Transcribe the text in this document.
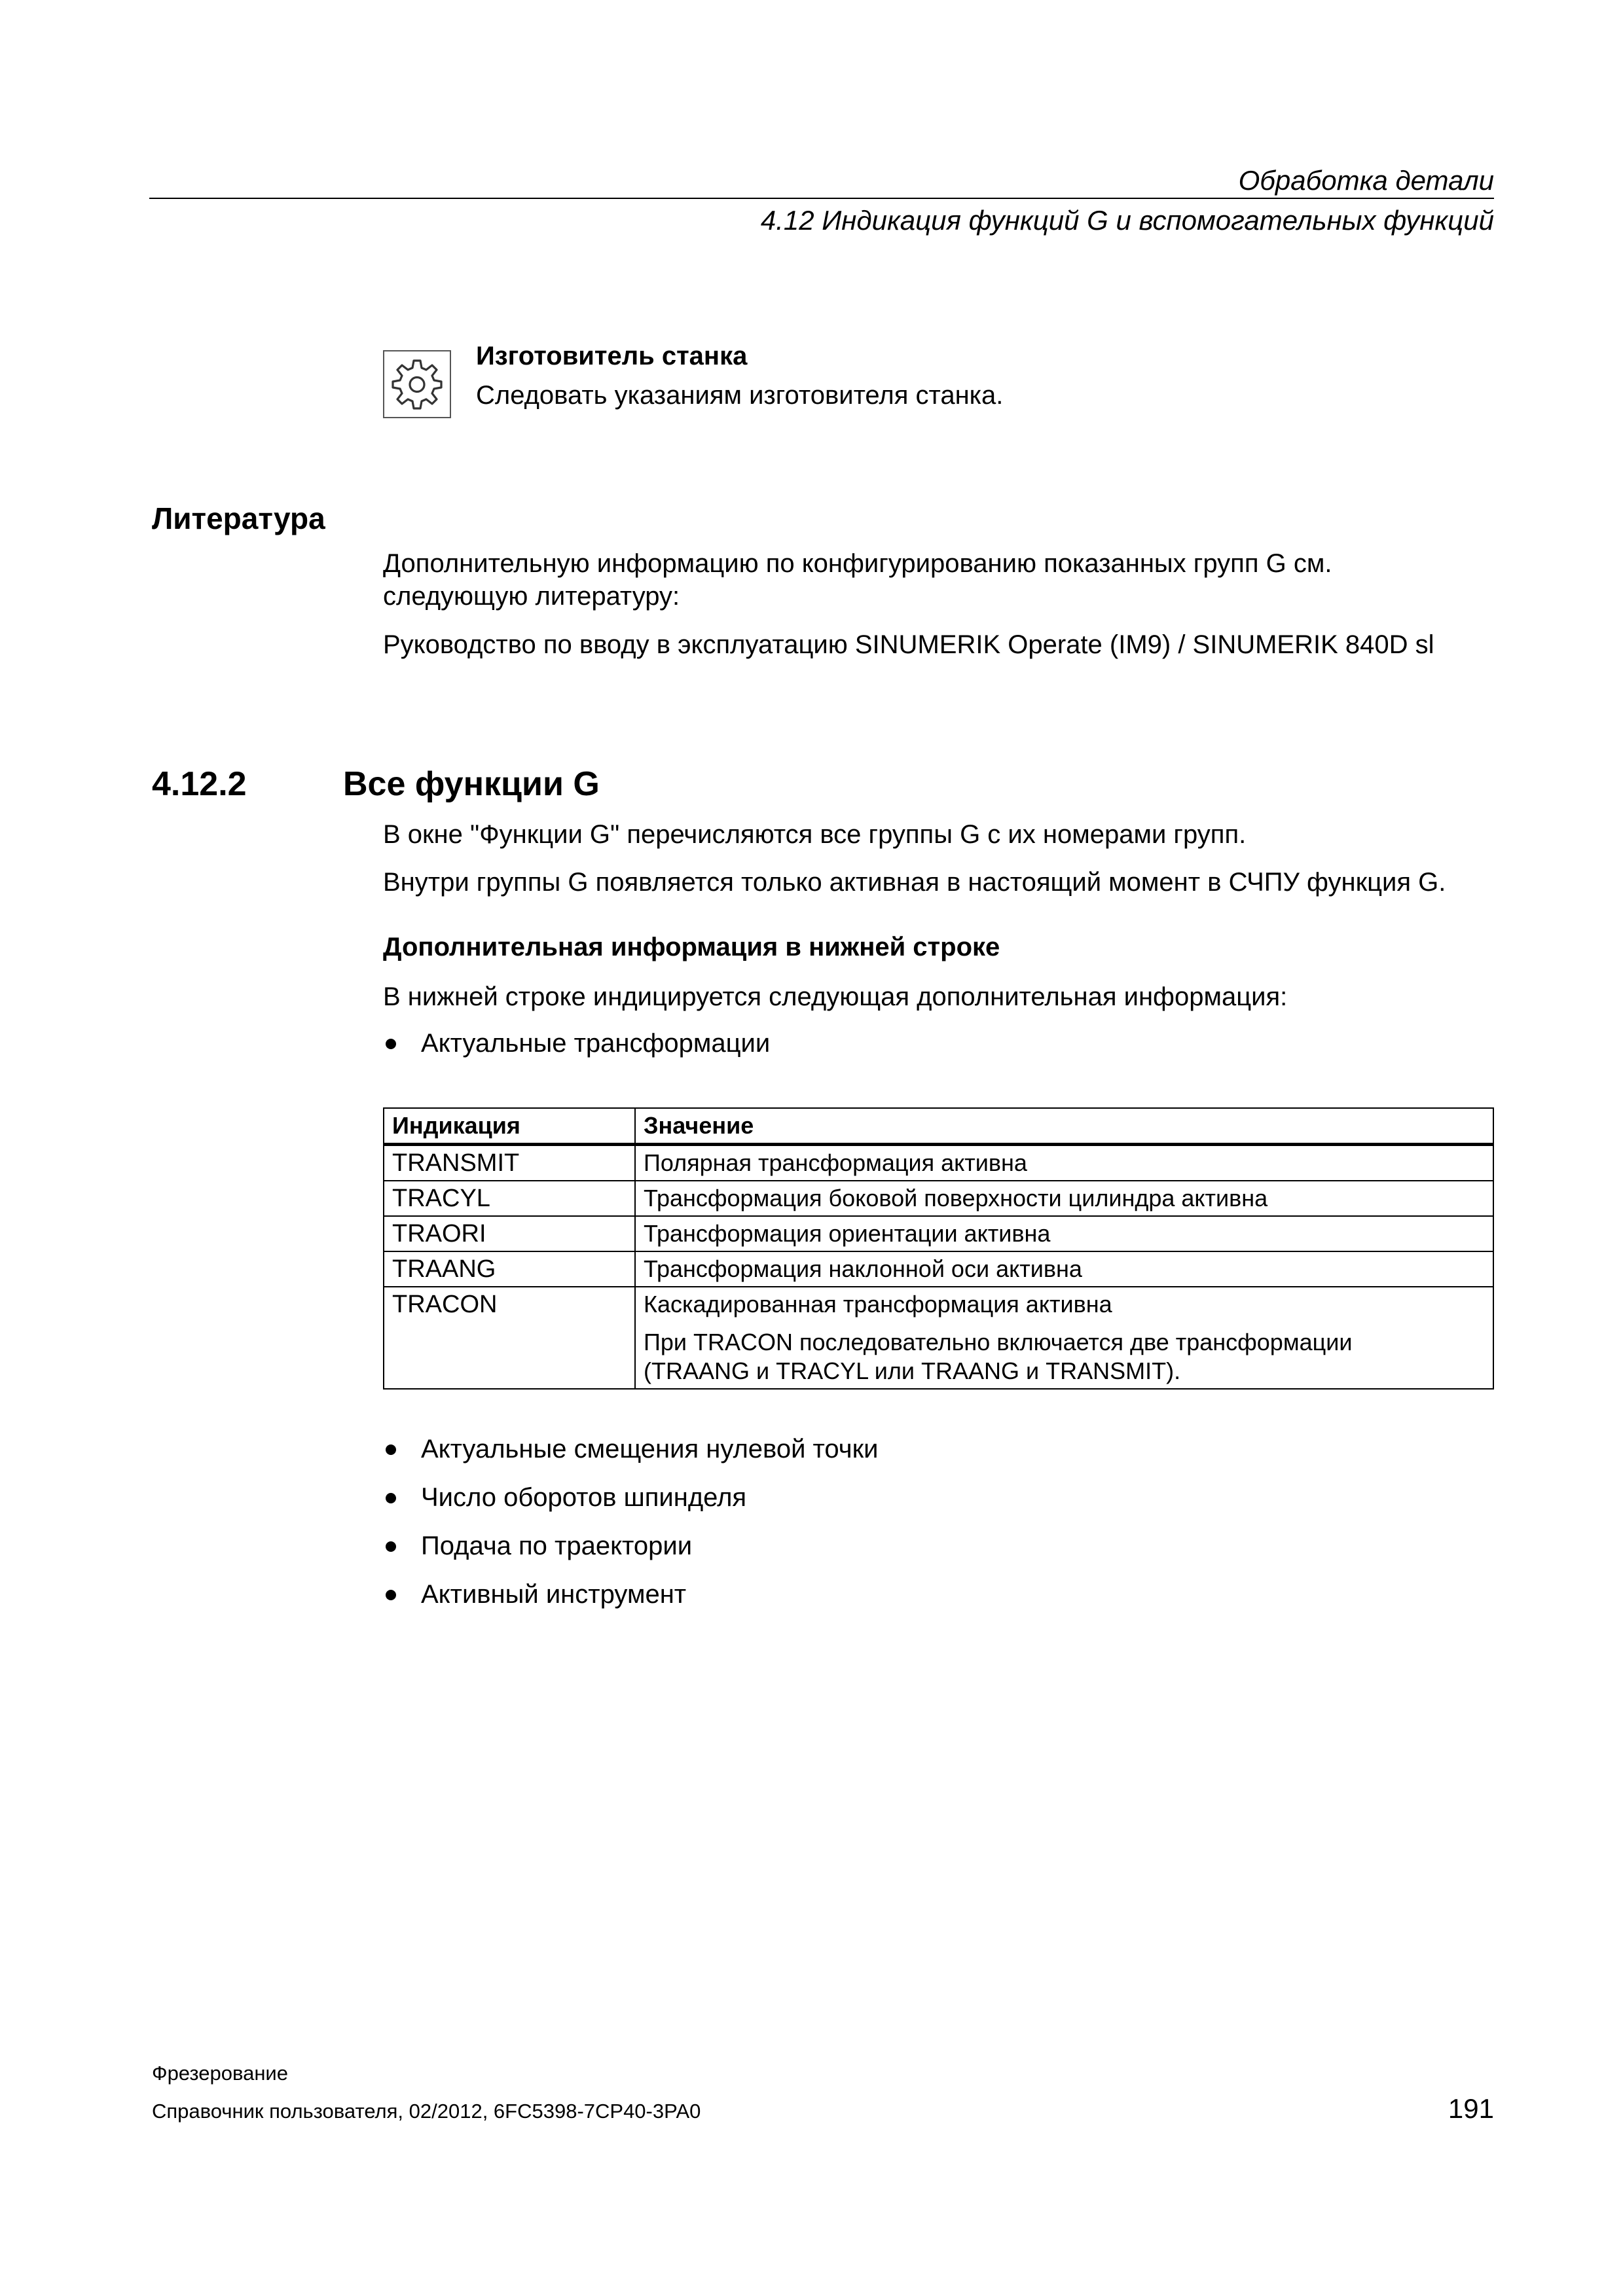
Обработка детали
4.12 Индикация функций G и вспомогательных функций
Изготовитель станка
Следовать указаниям изготовителя станка.
Литература
Дополнительную информацию по конфигурированию показанных групп G см.
следующую литературу:
Руководство по вводу в эксплуатацию SINUMERIK Operate (IM9) / SINUMERIK 840D sl
4.12.2	Все функции G
В окне "Функции G" перечисляются все группы G с их номерами групп.
Внутри группы G появляется только активная в настоящий момент в СЧПУ функция G.
Дополнительная информация в нижней строке
В нижней строке индицируется следующая дополнительная информация:
Актуальные трансформации
Индикация	Значение
TRANSMIT	Полярная трансформация активна
TRACYL	Трансформация боковой поверхности цилиндра активна
TRAORI	Трансформация ориентации активна
TRAANG	Трансформация наклонной оси активна
TRACON	Каскадированная трансформация активна
При TRACON последовательно включается две трансформации
(TRAANG и TRACYL или TRAANG и TRANSMIT).
Актуальные смещения нулевой точки
Число оборотов шпинделя
Подача по траектории
Активный инструмент
Фрезерование
Справочник пользователя, 02/2012, 6FC5398-7CP40-3PA0	191
